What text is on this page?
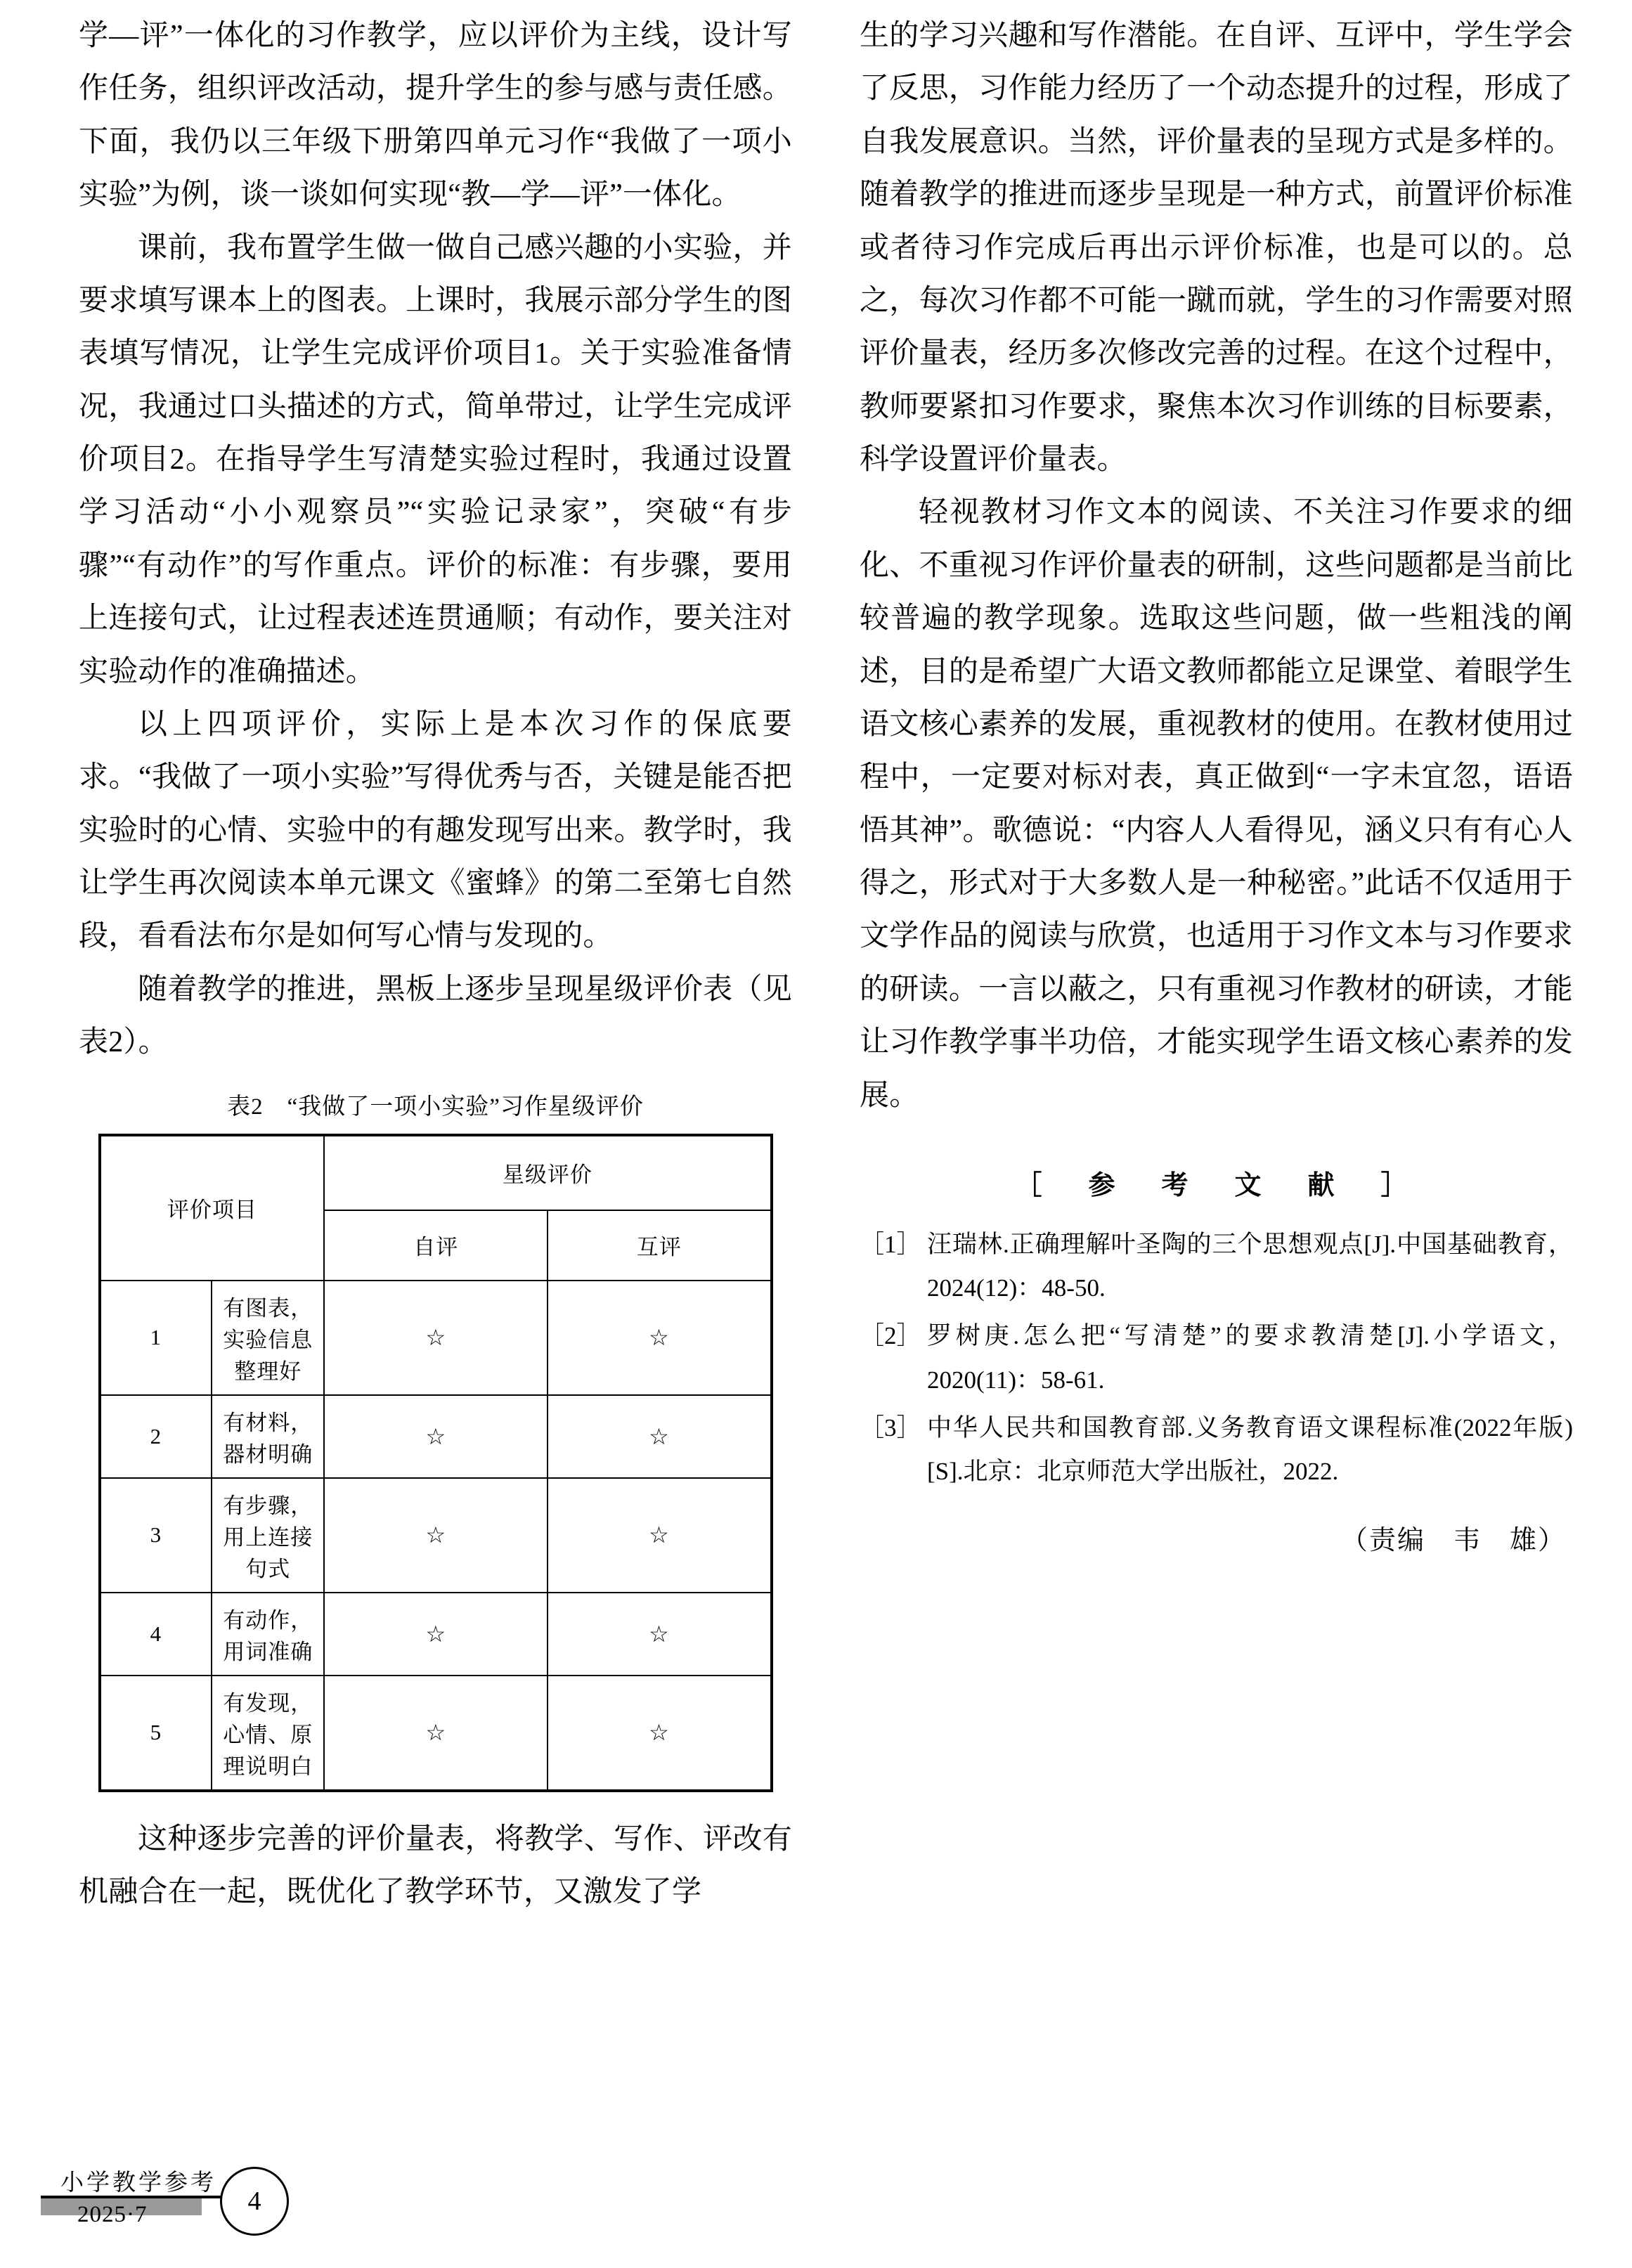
学—评”一体化的习作教学，应以评价为主线，设计写作任务，组织评改活动，提升学生的参与感与责任感。下面，我仍以三年级下册第四单元习作“我做了一项小实验”为例，谈一谈如何实现“教—学—评”一体化。

课前，我布置学生做一做自己感兴趣的小实验，并要求填写课本上的图表。上课时，我展示部分学生的图表填写情况，让学生完成评价项目1。关于实验准备情况，我通过口头描述的方式，简单带过，让学生完成评价项目2。在指导学生写清楚实验过程时，我通过设置学习活动“小小观察员”“实验记录家”，突破“有步骤”“有动作”的写作重点。评价的标准：有步骤，要用上连接句式，让过程表述连贯通顺；有动作，要关注对实验动作的准确描述。

以上四项评价，实际上是本次习作的保底要求。“我做了一项小实验”写得优秀与否，关键是能否把实验时的心情、实验中的有趣发现写出来。教学时，我让学生再次阅读本单元课文《蜜蜂》的第二至第七自然段，看看法布尔是如何写心情与发现的。

随着教学的推进，黑板上逐步呈现星级评价表（见表2）。

表2　“我做了一项小实验”习作星级评价
评价项目		星级评价	
		自评	互评
1	有图表，实验信息整理好	☆	☆
2	有材料，器材明确	☆	☆
3	有步骤，用上连接句式	☆	☆
4	有动作，用词准确	☆	☆
5	有发现，心情、原理说明白	☆	☆

这种逐步完善的评价量表，将教学、写作、评改有机融合在一起，既优化了教学环节，又激发了学

生的学习兴趣和写作潜能。在自评、互评中，学生学会了反思，习作能力经历了一个动态提升的过程，形成了自我发展意识。当然，评价量表的呈现方式是多样的。随着教学的推进而逐步呈现是一种方式，前置评价标准或者待习作完成后再出示评价标准，也是可以的。总之，每次习作都不可能一蹴而就，学生的习作需要对照评价量表，经历多次修改完善的过程。在这个过程中，教师要紧扣习作要求，聚焦本次习作训练的目标要素，科学设置评价量表。

轻视教材习作文本的阅读、不关注习作要求的细化、不重视习作评价量表的研制，这些问题都是当前比较普遍的教学现象。选取这些问题，做一些粗浅的阐述，目的是希望广大语文教师都能立足课堂、着眼学生语文核心素养的发展，重视教材的使用。在教材使用过程中，一定要对标对表，真正做到“一字未宜忽，语语悟其神”。歌德说：“内容人人看得见，涵义只有有心人得之，形式对于大多数人是一种秘密。”此话不仅适用于文学作品的阅读与欣赏，也适用于习作文本与习作要求的研读。一言以蔽之，只有重视习作教材的研读，才能让习作教学事半功倍，才能实现学生语文核心素养的发展。

［　参　考　文　献　］
［1］ 汪瑞林.正确理解叶圣陶的三个思想观点[J].中国基础教育，2024(12)：48-50.
［2］ 罗树庚.怎么把“写清楚”的要求教清楚[J].小学语文，2020(11)：58-61.
［3］ 中华人民共和国教育部.义务教育语文课程标准(2022年版)[S].北京：北京师范大学出版社，2022.
（责编　韦　雄）
小学教学参考
2025·7	4
